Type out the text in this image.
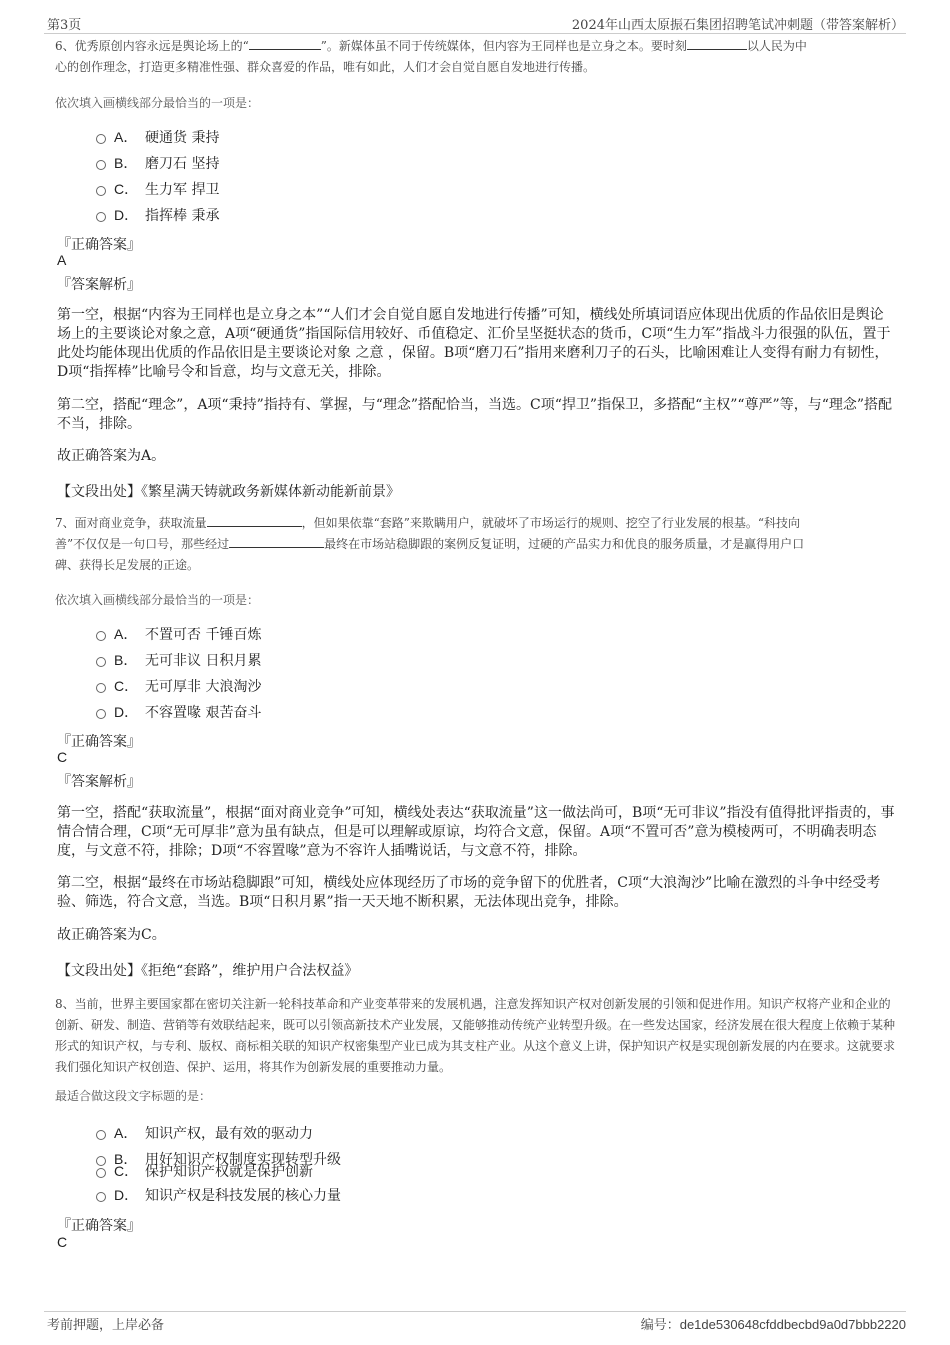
第3页	2024年山西太原振石集团招聘笔试冲刺题（带答案解析）
6、优秀原创内容永远是舆论场上的“	”。新媒体虽不同于传统媒体，但内容为王同样也是立身之本。要时刻	以人民为中
心的创作理念，打造更多精准性强、群众喜爱的作品，唯有如此，人们才会自觉自愿自发地进行传播。
依次填入画横线部分最恰当的一项是：
A． 硬通货 秉持
B． 磨刀石 坚持
C． 生力军 捍卫
D． 指挥棒 秉承
『正确答案』
A
『答案解析』
第一空，根据“内容为王同样也是立身之本”“人们才会自觉自愿自发地进行传播”可知，横线处所填词语应体现出优质的作品依旧是舆论场上的主要谈论对象之意，A项“硬通货”指国际信用较好、币值稳定、汇价呈坚挺状态的货币，C项“生力军”指战斗力很强的队伍，置于此处均能体现出优质的作品依旧是主要谈论对象 之意 ，保留。B项“磨刀石”指用来磨利刀子的石头，比喻困难让人变得有耐力有韧性，D项“指挥棒”比喻号令和旨意，均与文意无关，排除。
第二空，搭配“理念”，A项“秉持”指持有、掌握，与“理念”搭配恰当，当选。C项“捍卫”指保卫，多搭配“主权”“尊严”等，与“理念”搭配不当，排除。
故正确答案为A。
【文段出处】《繁星满天铸就政务新媒体新动能新前景》
7、面对商业竞争，获取流量	，但如果依靠“套路”来欺瞒用户，就破坏了市场运行的规则、挖空了行业发展的根基。“科技向
善”不仅仅是一句口号，那些经过	最终在市场站稳脚跟的案例反复证明，过硬的产品实力和优良的服务质量，才是赢得用户口
碑、获得长足发展的正途。
依次填入画横线部分最恰当的一项是：
A． 不置可否 千锤百炼
B． 无可非议 日积月累
C． 无可厚非 大浪淘沙
D． 不容置喙 艰苦奋斗
『正确答案』
C
『答案解析』
第一空，搭配“获取流量”，根据“面对商业竞争”可知，横线处表达“获取流量”这一做法尚可，B项“无可非议”指没有值得批评指责的，事情合情合理，C项“无可厚非”意为虽有缺点，但是可以理解或原谅，均符合文意，保留。A项“不置可否”意为模棱两可，不明确表明态度，与文意不符，排除；D项“不容置喙”意为不容许人插嘴说话，与文意不符，排除。
第二空，根据“最终在市场站稳脚跟”可知，横线处应体现经历了市场的竞争留下的优胜者，C项“大浪淘沙”比喻在激烈的斗争中经受考验、筛选，符合文意，当选。B项“日积月累”指一天天地不断积累，无法体现出竞争，排除。
故正确答案为C。
【文段出处】《拒绝“套路”，维护用户合法权益》
8、当前，世界主要国家都在密切关注新一轮科技革命和产业变革带来的发展机遇，注意发挥知识产权对创新发展的引领和促进作用。知识产权将产业和企业的创新、研发、制造、营销等有效联结起来，既可以引领高新技术产业发展，又能够推动传统产业转型升级。在一些发达国家，经济发展在很大程度上依赖于某种形式的知识产权，与专利、版权、商标相关联的知识产权密集型产业已成为其支柱产业。从这个意义上讲，保护知识产权是实现创新发展的内在要求。这就要求我们强化知识产权创造、保护、运用，将其作为创新发展的重要推动力量。
最适合做这段文字标题的是：
A． 知识产权，最有效的驱动力
B． 用好知识产权制度实现转型升级
C． 保护知识产权就是保护创新
D． 知识产权是科技发展的核心力量
『正确答案』
C
考前押题，上岸必备	编号：de1de530648cfddbecbd9a0d7bbb2220
